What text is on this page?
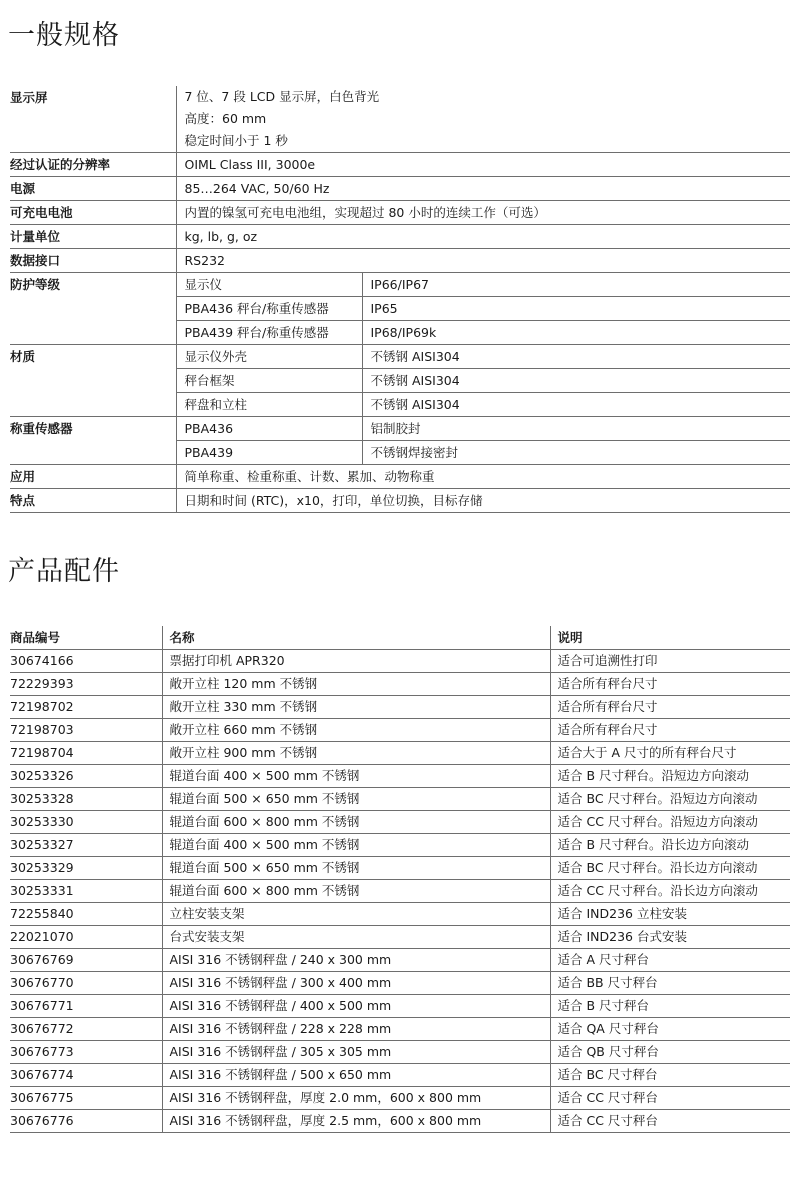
一般规格
显示屏	7 位、7 段 LCD 显示屏，白色背光
高度：60 mm
稳定时间小于 1 秒	

经过认证的分辨率	OIML Class III, 3000e	
电源	85…264 VAC, 50/60 Hz	
可充电电池	内置的镍氢可充电电池组，实现超过 80 小时的连续工作（可选）	
计量单位	kg, lb, g, oz	
数据接口	RS232	
防护等级	显示仪	IP66/IP67
	PBA436 秤台/称重传感器	IP65
	PBA439 秤台/称重传感器	IP68/IP69k
材质	显示仪外壳	不锈钢 AISI304
	秤台框架	不锈钢 AISI304
	秤盘和立柱	不锈钢 AISI304
称重传感器	PBA436	铝制胶封
	PBA439	不锈钢焊接密封
应用	简单称重、检重称重、计数、累加、动物称重	
特点	日期和时间 (RTC)，x10，打印，单位切换，目标存储	
产品配件
商品编号	名称	说明
30674166	票据打印机 APR320	适合可追溯性打印
72229393	敞开立柱 120 mm 不锈钢	适合所有秤台尺寸
72198702	敞开立柱 330 mm 不锈钢	适合所有秤台尺寸
72198703	敞开立柱 660 mm 不锈钢	适合所有秤台尺寸
72198704	敞开立柱 900 mm 不锈钢	适合大于 A 尺寸的所有秤台尺寸
30253326	辊道台面 400 × 500 mm 不锈钢	适合 B 尺寸秤台。沿短边方向滚动
30253328	辊道台面 500 × 650 mm 不锈钢	适合 BC 尺寸秤台。沿短边方向滚动
30253330	辊道台面 600 × 800 mm 不锈钢	适合 CC 尺寸秤台。沿短边方向滚动
30253327	辊道台面 400 × 500 mm 不锈钢	适合 B 尺寸秤台。沿长边方向滚动
30253329	辊道台面 500 × 650 mm 不锈钢	适合 BC 尺寸秤台。沿长边方向滚动
30253331	辊道台面 600 × 800 mm 不锈钢	适合 CC 尺寸秤台。沿长边方向滚动
72255840	立柱安装支架	适合 IND236 立柱安装
22021070	台式安装支架	适合 IND236 台式安装
30676769	AISI 316 不锈钢秤盘 / 240 x 300 mm	适合 A 尺寸秤台
30676770	AISI 316 不锈钢秤盘 / 300 x 400 mm	适合 BB 尺寸秤台
30676771	AISI 316 不锈钢秤盘 / 400 x 500 mm	适合 B 尺寸秤台
30676772	AISI 316 不锈钢秤盘 / 228 x 228 mm	适合 QA 尺寸秤台
30676773	AISI 316 不锈钢秤盘 / 305 x 305 mm	适合 QB 尺寸秤台
30676774	AISI 316 不锈钢秤盘 / 500 x 650 mm	适合 BC 尺寸秤台
30676775	AISI 316 不锈钢秤盘，厚度 2.0 mm，600 x 800 mm	适合 CC 尺寸秤台
30676776	AISI 316 不锈钢秤盘，厚度 2.5 mm，600 x 800 mm	适合 CC 尺寸秤台
